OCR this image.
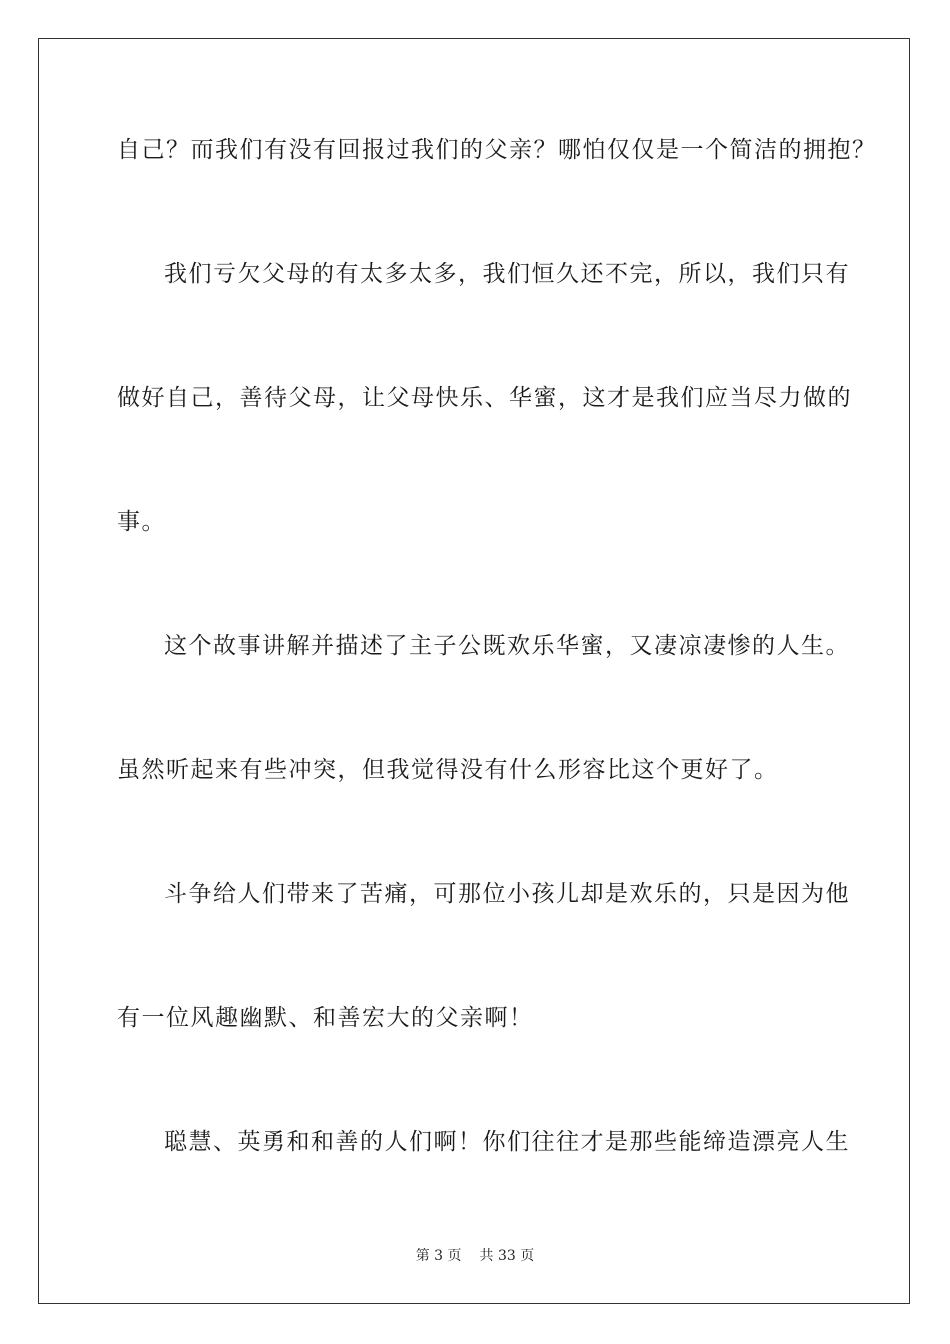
自己？而我们有没有回报过我们的父亲？哪怕仅仅是一个简洁的拥抱？
我们亏欠父母的有太多太多，我们恒久还不完，所以，我们只有
做好自己，善待父母，让父母快乐、华蜜，这才是我们应当尽力做的
事。
这个故事讲解并描述了主子公既欢乐华蜜，又凄凉凄惨的人生。
虽然听起来有些冲突，但我觉得没有什么形容比这个更好了。
斗争给人们带来了苦痛，可那位小孩儿却是欢乐的，只是因为他
有一位风趣幽默、和善宏大的父亲啊！
聪慧、英勇和和善的人们啊！你们往往才是那些能缔造漂亮人生
第 3 页 共 33 页
